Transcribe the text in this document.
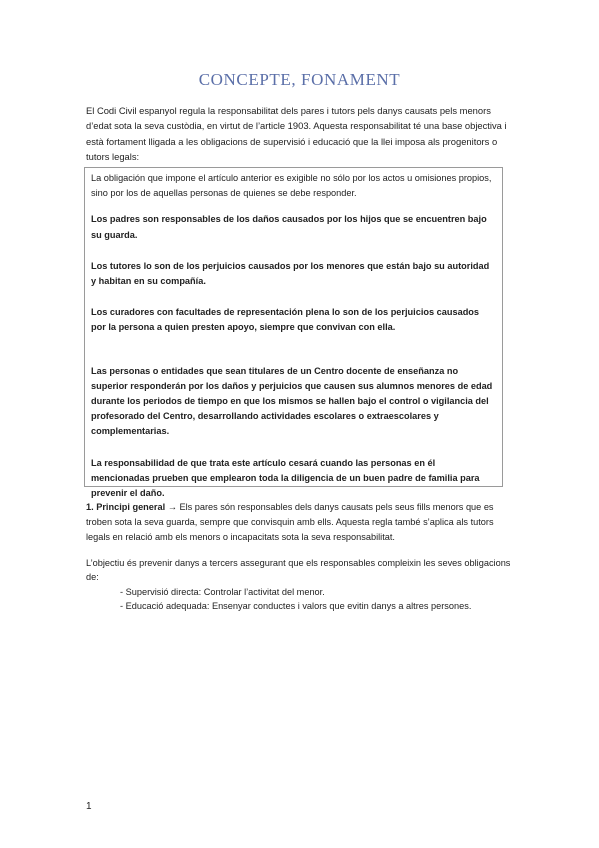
CONCEPTE, FONAMENT
El Codi Civil espanyol regula la responsabilitat dels pares i tutors pels danys causats pels menors d’edat sota la seva custòdia, en virtut de l’article 1903. Aquesta responsabilitat té una base objectiva i està fortament lligada a les obligacions de supervisió i educació que la llei imposa als progenitors o tutors legals:

La obligación que impone el artículo anterior es exigible no sólo por los actos u omisiones propios, sino por los de aquellas personas de quienes se debe responder.

Los padres son responsables de los daños causados por los hijos que se encuentren bajo su guarda.

Los tutores lo son de los perjuicios causados por los menores que están bajo su autoridad y habitan en su compañía.

Los curadores con facultades de representación plena lo son de los perjuicios causados por la persona a quien presten apoyo, siempre que convivan con ella.

Las personas o entidades que sean titulares de un Centro docente de enseñanza no superior responderán por los daños y perjuicios que causen sus alumnos menores de edad durante los periodos de tiempo en que los mismos se hallen bajo el control o vigilancia del profesorado del Centro, desarrollando actividades escolares o extraescolares y complementarias.

La responsabilidad de que trata este artículo cesará cuando las personas en él mencionadas prueben que emplearon toda la diligencia de un buen padre de familia para prevenir el daño.

1. Principi general → Els pares són responsables dels danys causats pels seus fills menors que es troben sota la seva guarda, sempre que convisquin amb ells. Aquesta regla també s’aplica als tutors legals en relació amb els menors o incapacitats sota la seva responsabilitat.

L’objectiu és prevenir danys a tercers assegurant que els responsables compleixin les seves obligacions de:

- Supervisió directa: Controlar l’activitat del menor.
- Educació adequada: Ensenyar conductes i valors que evitin danys a altres persones.
1
